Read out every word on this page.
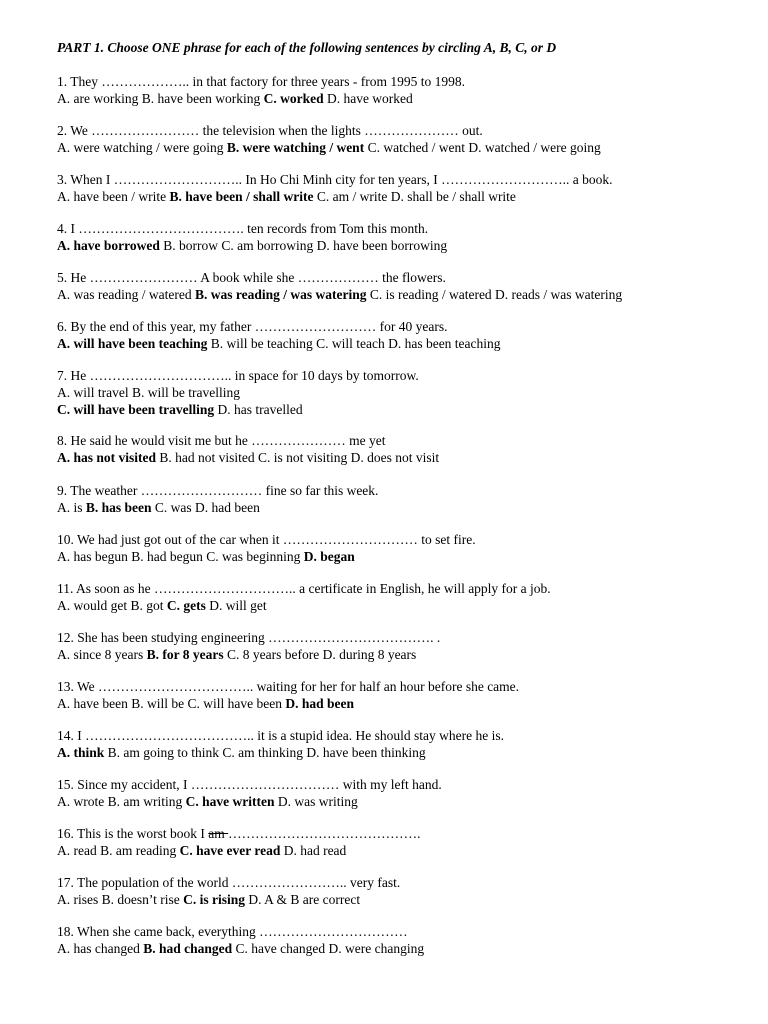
PART 1. Choose ONE phrase for each of the following sentences by circling A, B, C, or D
1. They ……………….. in that factory for three years - from 1995 to 1998.
A. are working B. have been working C. worked D. have worked
2. We …………………… the television when the lights ………………… out.
A. were watching / were going B. were watching / went C. watched / went D. watched / were going
3. When I ……………………….. In Ho Chi Minh city for ten years, I ……………………….. a book.
A. have been / write B. have been / shall write C. am / write D. shall be / shall write
4. I ………………………………. ten records from Tom this month.
A. have borrowed B. borrow C. am borrowing D. have been borrowing
5. He …………………… A book while she ……………… the flowers.
A. was reading / watered B. was reading / was watering C. is reading / watered D. reads / was watering
6. By the end of this year, my father ……………………… for 40 years.
A. will have been teaching B. will be teaching C. will teach D. has been teaching
7. He ………………………….. in space for 10 days by tomorrow.
A. will travel B. will be travelling
C. will have been travelling D. has travelled
8. He said he would visit me but he ………………… me yet
A. has not visited B. had not visited C. is not visiting D. does not visit
9. The weather ……………………… fine so far this week.
A. is B. has been C. was D. had been
10. We had just got out of the car when it ………………………… to set fire.
A. has begun B. had begun C. was beginning D. began
11. As soon as he ………………………….. a certificate in English, he will apply for a job.
A. would get B. got C. gets D. will get
12. She has been studying engineering ………………………………. .
A. since 8 years B. for 8 years C. 8 years before D. during 8 years
13. We …………………………….. waiting for her for half an hour before she came.
A. have been B. will be C. will have been D. had been
14. I ……………………………….. it is a stupid idea. He should stay where he is.
A. think B. am going to think C. am thinking D. have been thinking
15. Since my accident, I …………………………… with my left hand.
A. wrote B. am writing C. have written D. was writing
16. This is the worst book I am …………………………………….
A. read B. am reading C. have ever read D. had read
17. The population of the world …………………….. very fast.
A. rises B. doesn’t rise C. is rising D. A & B are correct
18. When she came back, everything ……………………………
A. has changed B. had changed C. have changed D. were changing
